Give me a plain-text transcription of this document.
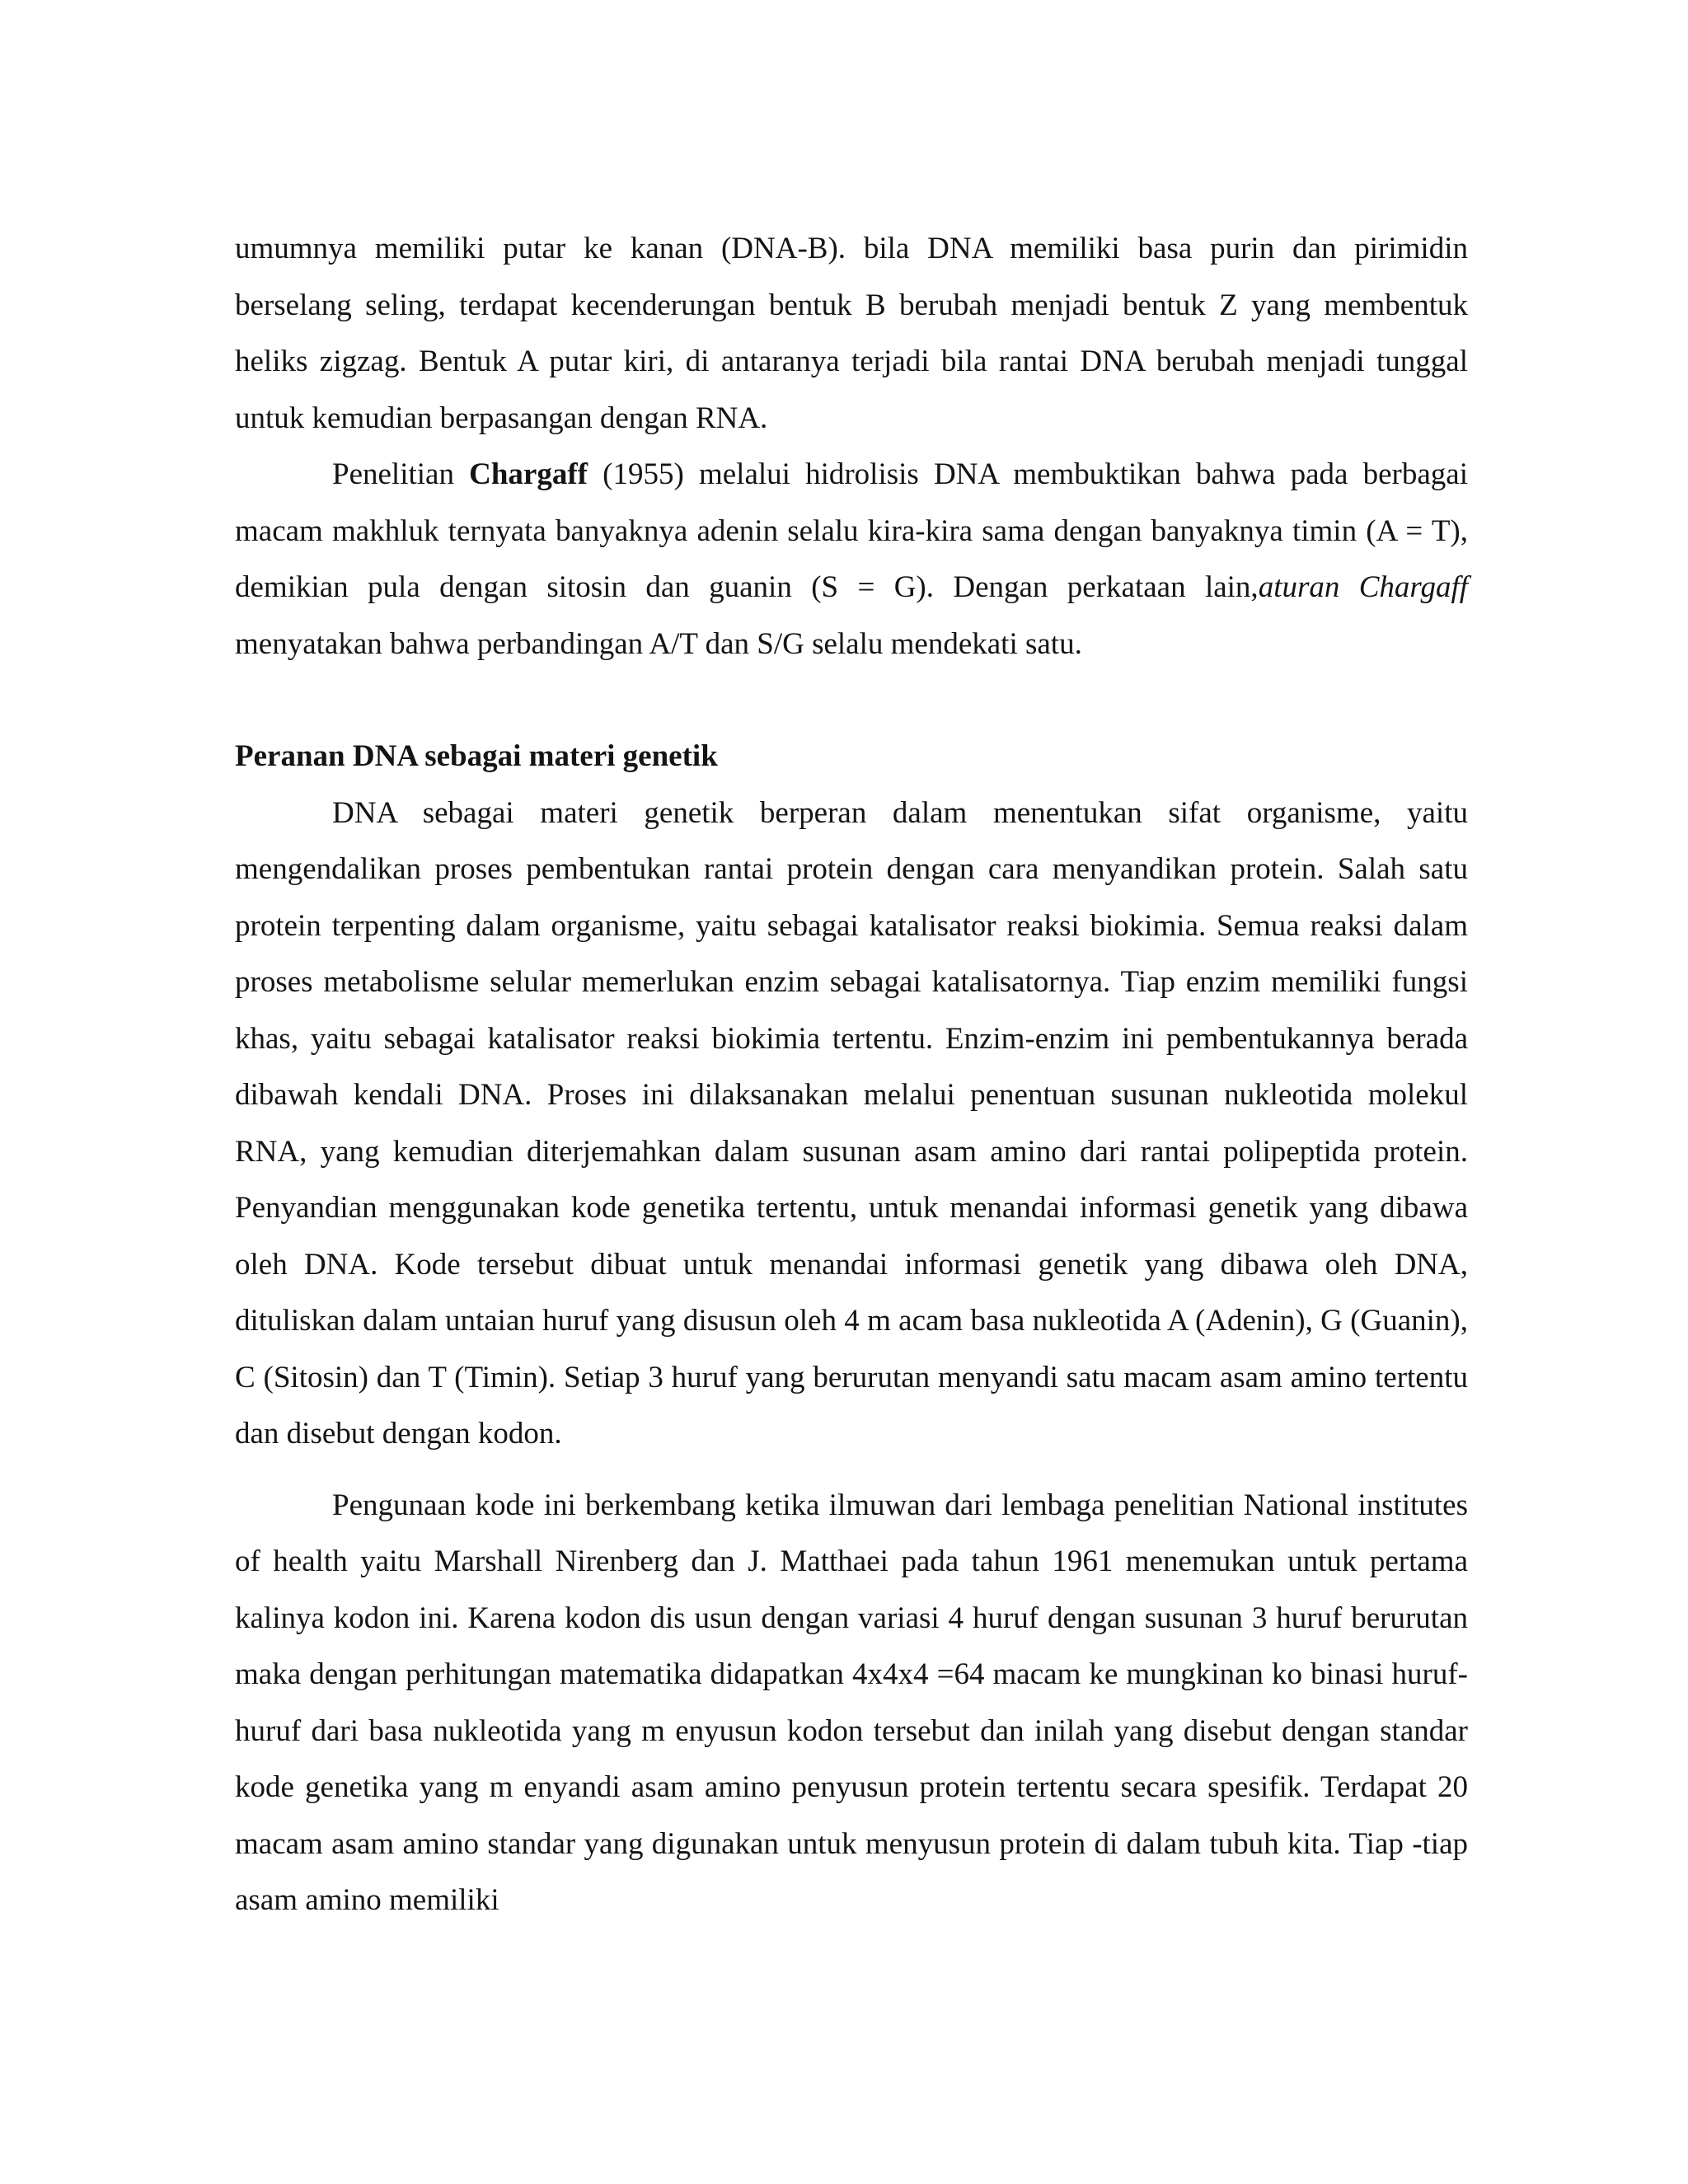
umumnya memiliki putar ke kanan (DNA-B). bila DNA memiliki basa purin dan pirimidin berselang seling, terdapat kecenderungan bentuk B berubah menjadi bentuk Z yang membentuk heliks zigzag. Bentuk A putar kiri, di antaranya terjadi bila rantai DNA berubah menjadi tunggal untuk kemudian berpasangan dengan RNA.

Penelitian Chargaff (1955) melalui hidrolisis DNA membuktikan bahwa pada berbagai macam makhluk ternyata banyaknya adenin selalu kira-kira sama dengan banyaknya timin (A = T), demikian pula dengan sitosin dan guanin (S = G). Dengan perkataan lain,aturan Chargaff menyatakan bahwa perbandingan A/T dan S/G selalu mendekati satu.

Peranan DNA sebagai materi genetik

DNA sebagai materi genetik berperan dalam menentukan sifat organisme, yaitu mengendalikan proses pembentukan rantai protein dengan cara menyandikan protein. Salah satu protein terpenting dalam organisme, yaitu sebagai katalisator reaksi biokimia. Semua reaksi dalam proses metabolisme selular memerlukan enzim sebagai katalisatornya. Tiap enzim memiliki fungsi khas, yaitu sebagai katalisator reaksi biokimia tertentu. Enzim-enzim ini pembentukannya berada dibawah kendali DNA. Proses ini dilaksanakan melalui penentuan susunan nukleotida molekul RNA, yang kemudian diterjemahkan dalam susunan asam amino dari rantai polipeptida protein. Penyandian menggunakan kode genetika tertentu, untuk menandai informasi genetik yang dibawa oleh DNA. Kode tersebut dibuat untuk menandai informasi genetik yang dibawa oleh DNA, dituliskan dalam untaian huruf yang disusun oleh 4 m acam basa nukleotida A (Adenin), G (Guanin), C (Sitosin) dan T (Timin). Setiap 3 huruf yang berurutan menyandi satu macam asam amino tertentu dan disebut dengan kodon.

Pengunaan kode ini berkembang ketika ilmuwan dari lembaga penelitian National institutes of health yaitu Marshall Nirenberg dan J. Matthaei pada tahun 1961 menemukan untuk pertama kalinya kodon ini. Karena kodon dis usun dengan variasi 4 huruf dengan susunan 3 huruf berurutan maka dengan perhitungan matematika didapatkan 4x4x4 =64 macam ke mungkinan ko binasi huruf-huruf dari basa nukleotida yang m enyusun kodon tersebut dan inilah yang disebut dengan standar kode genetika yang m enyandi asam amino penyusun protein tertentu secara spesifik. Terdapat 20 macam asam amino standar yang digunakan untuk menyusun protein di dalam tubuh kita. Tiap -tiap asam amino memiliki
